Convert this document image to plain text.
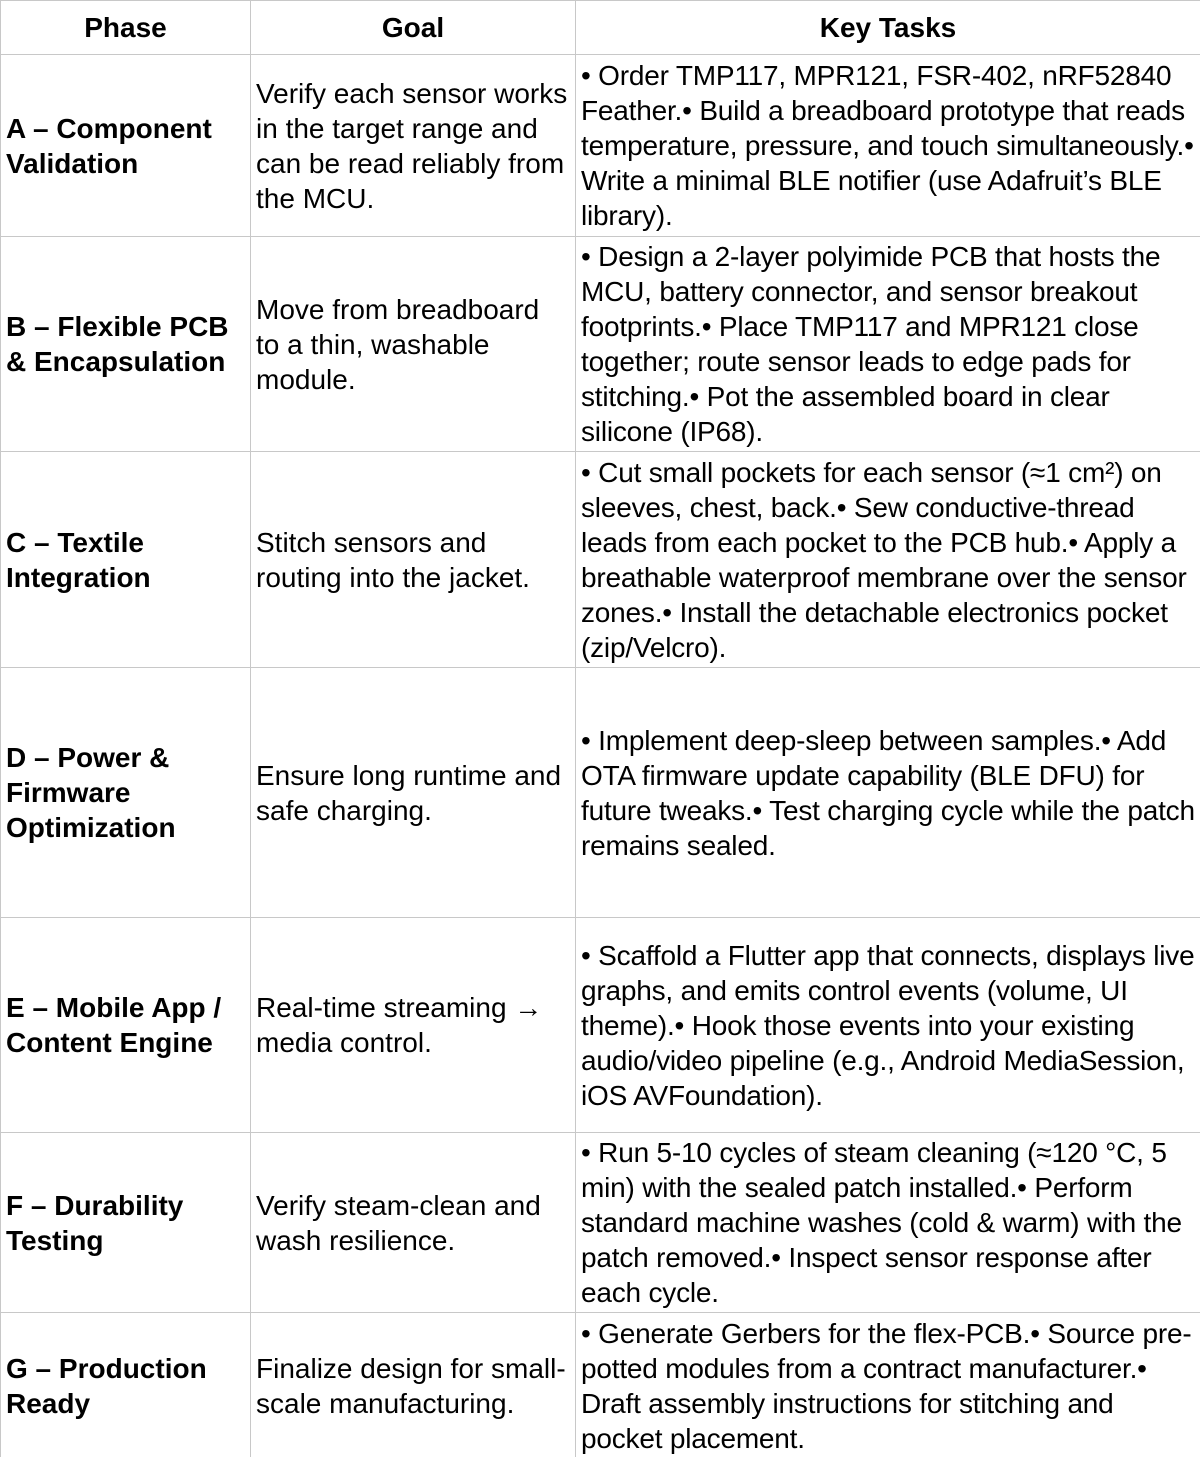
Phase	Goal	Key Tasks
A – Component Validation	Verify each sensor works in the target range and can be read reliably from the MCU.	• Order TMP117, MPR121, FSR-402, nRF52840 Feather.• Build a breadboard prototype that reads temperature, pressure, and touch simultaneously.• Write a minimal BLE notifier (use Adafruit’s BLE library).
B – Flexible PCB & Encapsulation	Move from breadboard to a thin, washable module.	• Design a 2-layer polyimide PCB that hosts the MCU, battery connector, and sensor breakout footprints.• Place TMP117 and MPR121 close together; route sensor leads to edge pads for stitching.• Pot the assembled board in clear silicone (IP68).
C – Textile Integration	Stitch sensors and routing into the jacket.	• Cut small pockets for each sensor (≈1 cm²) on sleeves, chest, back.• Sew conductive-thread leads from each pocket to the PCB hub.• Apply a breathable waterproof membrane over the sensor zones.• Install the detachable electronics pocket (zip/Velcro).
D – Power & Firmware Optimization	Ensure long runtime and safe charging.	• Implement deep-sleep between samples.• Add OTA firmware update capability (BLE DFU) for future tweaks.• Test charging cycle while the patch remains sealed.
E – Mobile App / Content Engine	Real-time streaming → media control.	• Scaffold a Flutter app that connects, displays live graphs, and emits control events (volume, UI theme).• Hook those events into your existing audio/video pipeline (e.g., Android MediaSession, iOS AVFoundation).
F – Durability Testing	Verify steam-clean and wash resilience.	• Run 5-10 cycles of steam cleaning (≈120 °C, 5 min) with the sealed patch installed.• Perform standard machine washes (cold & warm) with the patch removed.• Inspect sensor response after each cycle.
G – Production Ready	Finalize design for small-scale manufacturing.	• Generate Gerbers for the flex-PCB.• Source pre-potted modules from a contract manufacturer.• Draft assembly instructions for stitching and pocket placement.
